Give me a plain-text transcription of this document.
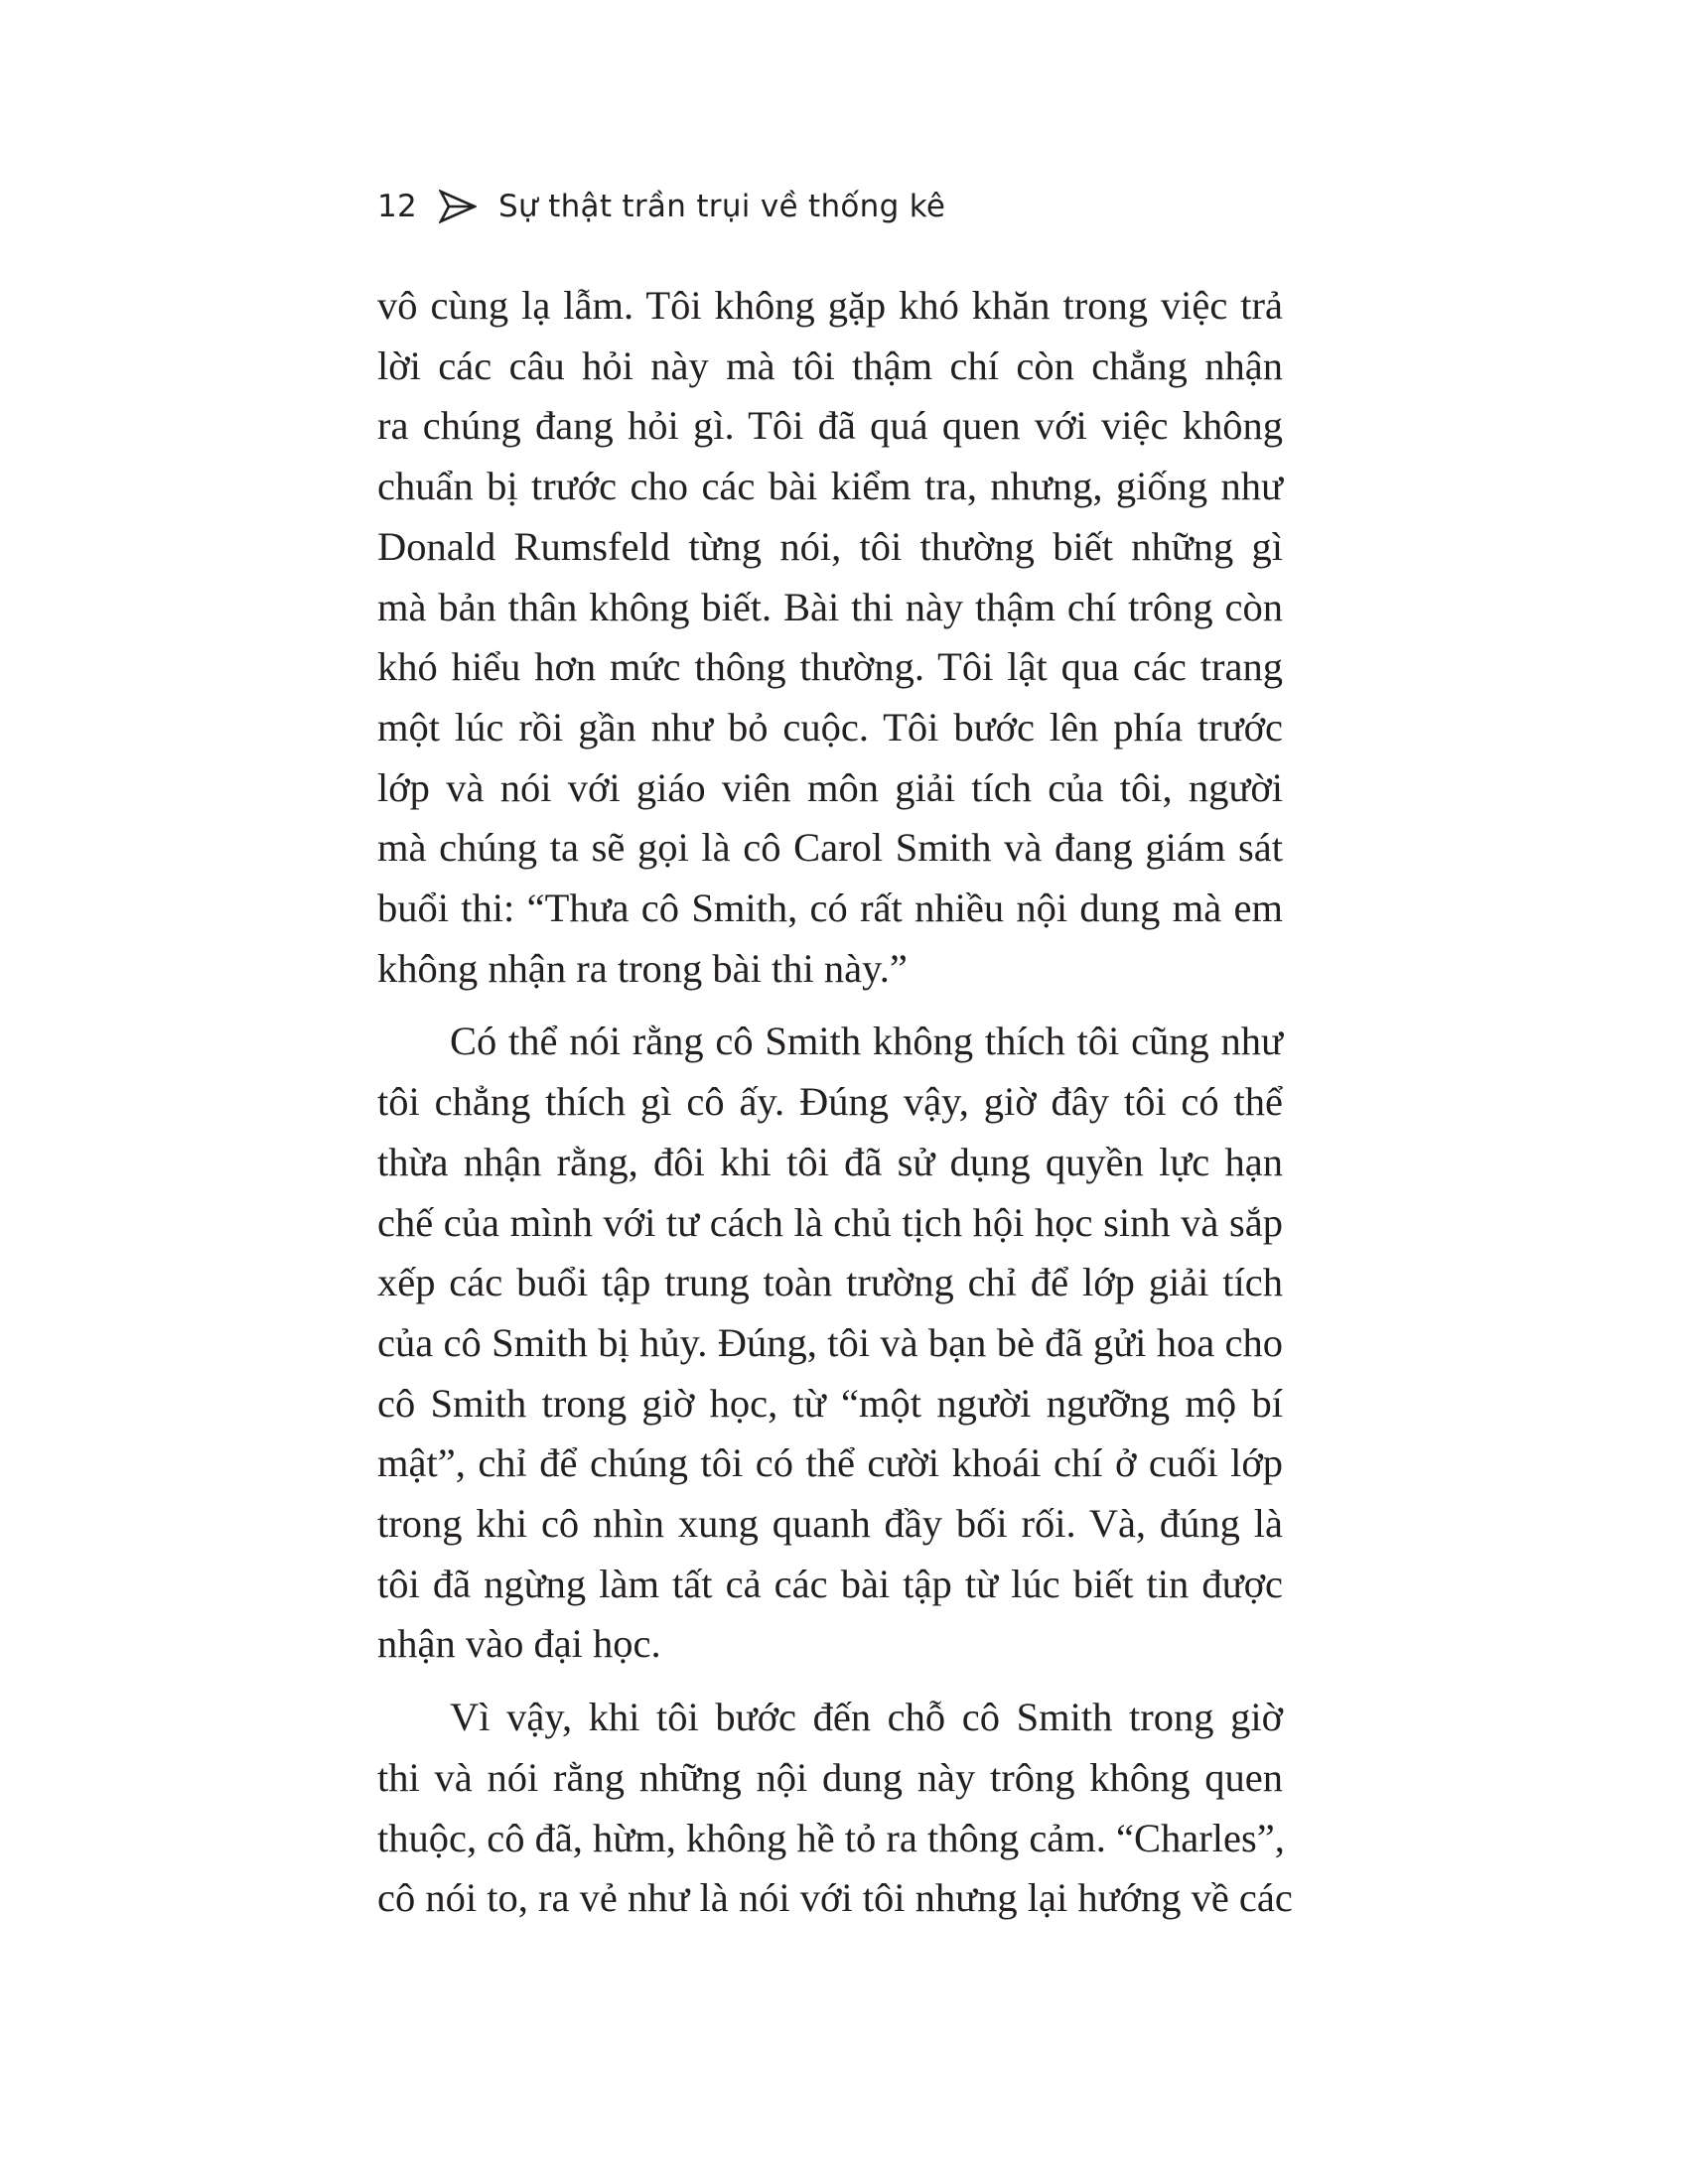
12	Sự thật trần trụi về thống kê

vô cùng lạ lẫm. Tôi không gặp khó khăn trong việc trả
lời các câu hỏi này mà tôi thậm chí còn chẳng nhận
ra chúng đang hỏi gì. Tôi đã quá quen với việc không
chuẩn bị trước cho các bài kiểm tra, nhưng, giống như
Donald Rumsfeld từng nói, tôi thường biết những gì
mà bản thân không biết. Bài thi này thậm chí trông còn
khó hiểu hơn mức thông thường. Tôi lật qua các trang
một lúc rồi gần như bỏ cuộc. Tôi bước lên phía trước
lớp và nói với giáo viên môn giải tích của tôi, người
mà chúng ta sẽ gọi là cô Carol Smith và đang giám sát
buổi thi: “Thưa cô Smith, có rất nhiều nội dung mà em
không nhận ra trong bài thi này.”

Có thể nói rằng cô Smith không thích tôi cũng như
tôi chẳng thích gì cô ấy. Đúng vậy, giờ đây tôi có thể
thừa nhận rằng, đôi khi tôi đã sử dụng quyền lực hạn
chế của mình với tư cách là chủ tịch hội học sinh và sắp
xếp các buổi tập trung toàn trường chỉ để lớp giải tích
của cô Smith bị hủy. Đúng, tôi và bạn bè đã gửi hoa cho
cô Smith trong giờ học, từ “một người ngưỡng mộ bí
mật”, chỉ để chúng tôi có thể cười khoái chí ở cuối lớp
trong khi cô nhìn xung quanh đầy bối rối. Và, đúng là
tôi đã ngừng làm tất cả các bài tập từ lúc biết tin được
nhận vào đại học.

Vì vậy, khi tôi bước đến chỗ cô Smith trong giờ
thi và nói rằng những nội dung này trông không quen
thuộc, cô đã, hừm, không hề tỏ ra thông cảm. “Charles”,
cô nói to, ra vẻ như là nói với tôi nhưng lại hướng về các
